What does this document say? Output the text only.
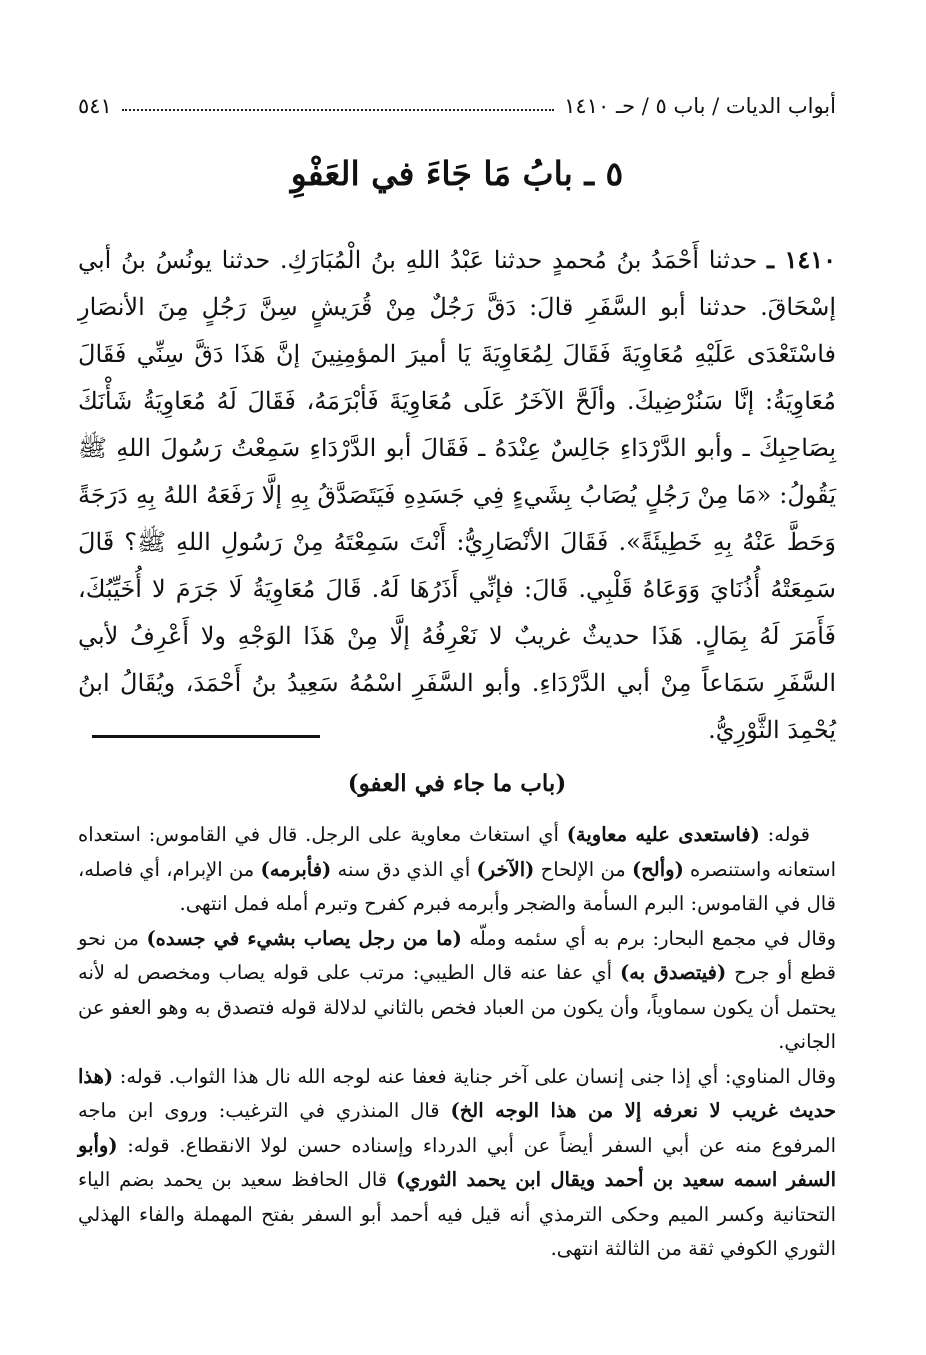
أبواب الديات / باب ٥ / حـ ١٤١٠
٥٤١
٥ ـ بابُ مَا جَاءَ في العَفْوِ
١٤١٠ ـ حدثنا أَحْمَدُ بنُ مُحمدٍ حدثنا عَبْدُ اللهِ بنُ الْمُبَارَكِ. حدثنا يونُسُ بنُ أبي إسْحَاقَ. حدثنا أبو السَّفَرِ قالَ: دَقَّ رَجُلٌ مِنْ قُرَيشٍ سِنَّ رَجُلٍ مِنَ الأنصَارِ فاسْتَعْدَى عَلَيْهِ مُعَاوِيَةَ فَقَالَ لِمُعَاوِيَةَ يَا أميرَ المؤمِنِينَ إنَّ هَذَا دَقَّ سِنِّي فَقَالَ مُعَاوِيَةُ: إنَّا سَنُرْضِيكَ. وألَحَّ الآخَرُ عَلَى مُعَاوِيَةَ فَأبْرَمَهُ، فَقَالَ لَهُ مُعَاوِيَةُ شَأْنَكَ بِصَاحِبِكَ ـ وأبو الدَّرْدَاءِ جَالِسٌ عِنْدَهُ ـ فَقَالَ أبو الدَّرْدَاءِ سَمِعْتُ رَسُولَ اللهِ ﷺ يَقُولُ: «مَا مِنْ رَجُلٍ يُصَابُ بِشَيءٍ فِي جَسَدِهِ فَيَتَصَدَّقُ بِهِ إلَّا رَفَعَهُ اللهُ بِهِ دَرَجَةً وَحَطَّ عَنْهُ بِهِ خَطِيئَةً». فَقَالَ الأنْصَارِيُّ: أَنْتَ سَمِعْتَهُ مِنْ رَسُولِ اللهِ ﷺ؟ قَالَ سَمِعَتْهُ أُذُنَايَ وَوَعَاهُ قَلْبِي. قَالَ: فإنِّي أَذَرُهَا لَهُ. قَالَ مُعَاوِيَةُ لَا جَرَمَ لا أُخَيِّبُكَ، فَأَمَرَ لَهُ بِمَالٍ. هَذَا حديثٌ غريبٌ لا نَعْرِفُهُ إلَّا مِنْ هَذَا الوَجْهِ ولا أَعْرِفُ لأبي السَّفَرِ سَمَاعاً مِنْ أبي الدَّرْدَاءِ. وأبو السَّفَرِ اسْمُهُ سَعِيدُ بنُ أَحْمَدَ، ويُقَالُ ابنُ يُحْمِدَ الثَّوْرِيُّ.
(باب ما جاء في العفو)

قوله: (فاستعدى عليه معاوية) أي استغاث معاوية على الرجل. قال في القاموس: استعداه استعانه واستنصره (وألح) من الإلحاح (الآخر) أي الذي دق سنه (فأبرمه) من الإبرام، أي فاصله، قال في القاموس: البرم السأمة والضجر وأبرمه فبرم كفرح وتبرم أمله فمل انتهى.

وقال في مجمع البحار: برم به أي سئمه وملّه (ما من رجل يصاب بشيء في جسده) من نحو قطع أو جرح (فيتصدق به) أي عفا عنه قال الطيبي: مرتب على قوله يصاب ومخصص له لأنه يحتمل أن يكون سماوياً، وأن يكون من العباد فخص بالثاني لدلالة قوله فتصدق به وهو العفو عن الجاني.

وقال المناوي: أي إذا جنى إنسان على آخر جناية فعفا عنه لوجه الله نال هذا الثواب. قوله: (هذا حديث غريب لا نعرفه إلا من هذا الوجه الخ) قال المنذري في الترغيب: وروى ابن ماجه المرفوع منه عن أبي السفر أيضاً عن أبي الدرداء وإسناده حسن لولا الانقطاع. قوله: (وأبو السفر اسمه سعيد بن أحمد ويقال ابن يحمد الثوري) قال الحافظ سعيد بن يحمد بضم الياء التحتانية وكسر الميم وحكى الترمذي أنه قيل فيه أحمد أبو السفر بفتح المهملة والفاء الهذلي الثوري الكوفي ثقة من الثالثة انتهى.
